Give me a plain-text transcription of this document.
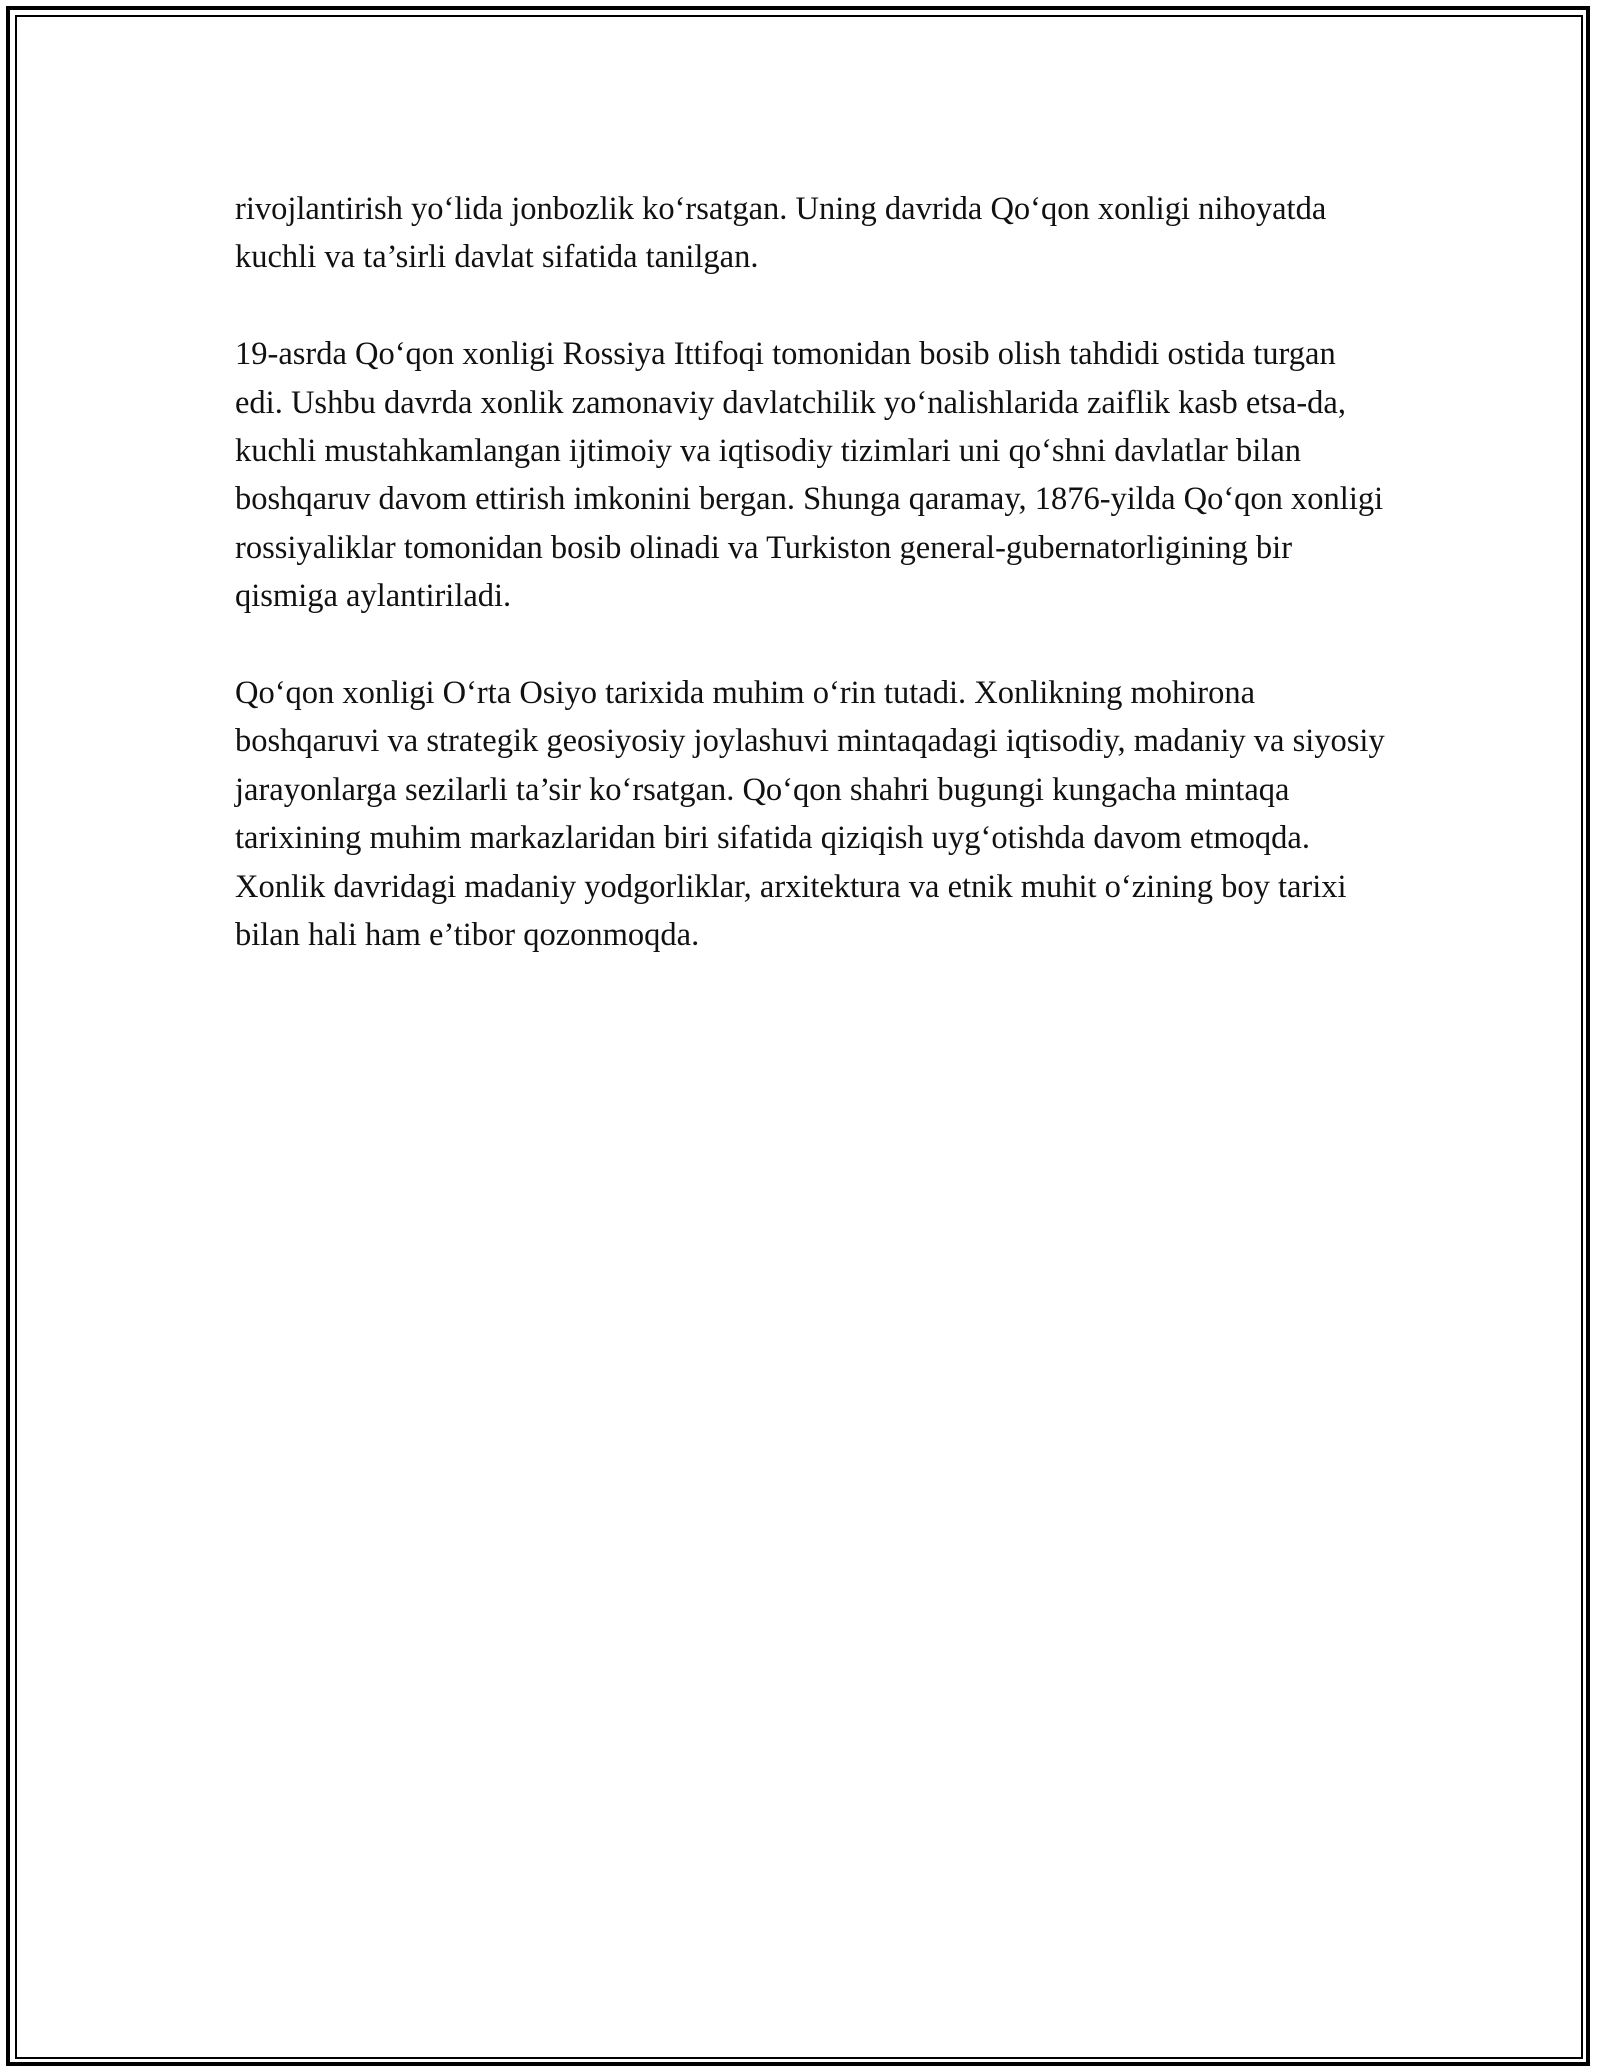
rivojlantirish yo‘lida jonbozlik ko‘rsatgan. Uning davrida Qo‘qon xonligi nihoyatda kuchli va ta’sirli davlat sifatida tanilgan.

19-asrda Qo‘qon xonligi Rossiya Ittifoqi tomonidan bosib olish tahdidi ostida turgan edi. Ushbu davrda xonlik zamonaviy davlatchilik yo‘nalishlarida zaiflik kasb etsa-da, kuchli mustahkamlangan ijtimoiy va iqtisodiy tizimlari uni qo‘shni davlatlar bilan boshqaruv davom ettirish imkonini bergan. Shunga qaramay, 1876-yilda Qo‘qon xonligi rossiyaliklar tomonidan bosib olinadi va Turkiston general-gubernatorligining bir qismiga aylantiriladi.

Qo‘qon xonligi O‘rta Osiyo tarixida muhim o‘rin tutadi. Xonlikning mohirona boshqaruvi va strategik geosiyosiy joylashuvi mintaqadagi iqtisodiy, madaniy va siyosiy jarayonlarga sezilarli ta’sir ko‘rsatgan. Qo‘qon shahri bugungi kungacha mintaqa tarixining muhim markazlaridan biri sifatida qiziqish uyg‘otishda davom etmoqda. Xonlik davridagi madaniy yodgorliklar, arxitektura va etnik muhit o‘zining boy tarixi bilan hali ham e’tibor qozonmoqda.
